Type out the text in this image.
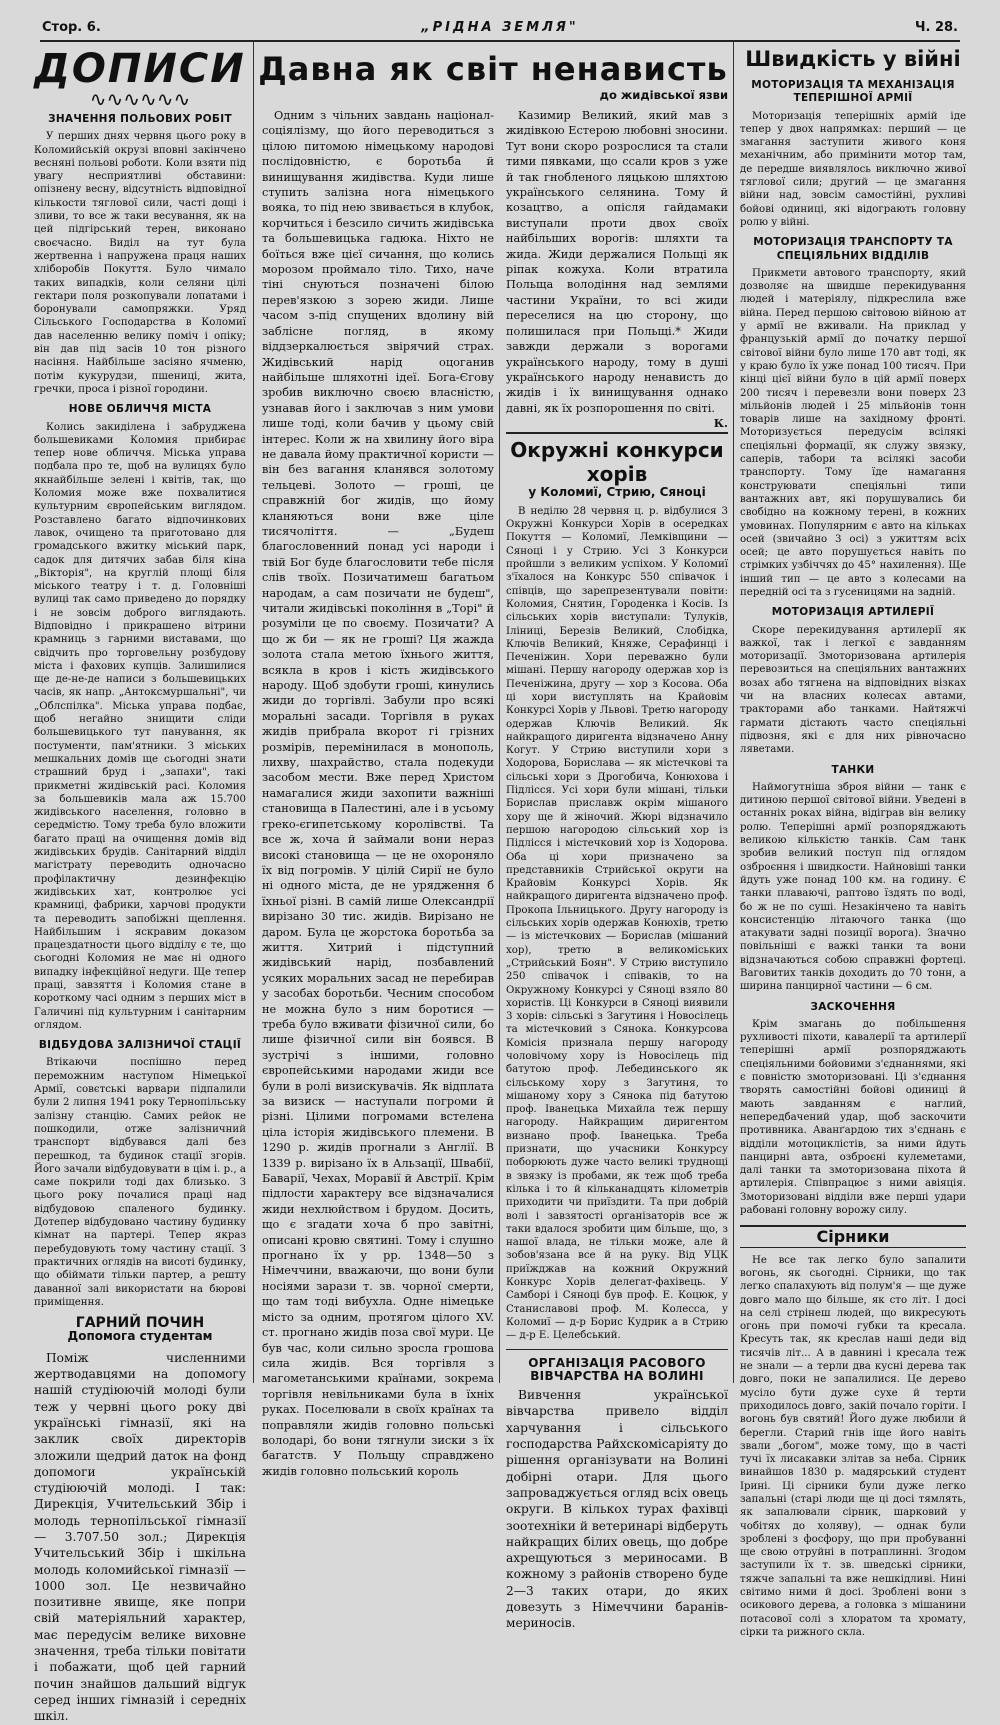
Стор. 6.	„РІДНА ЗЕМЛЯ"	Ч. 28.
ДОПИСИ
∿∿∿∿∿∿
ЗНАЧЕННЯ ПОЛЬОВИХ РОБІТ

У перших днях червня цього року в Коломийській окрузі вповні закінчено весняні польові роботи. Коли взяти під увагу несприятливі обставини: опізнену весну, відсутність відповідної кількости тяглової сили, часті дощі і зливи, то все ж таки весування, як на цей підгірський терен, виконано своєчасно. Виділ на тут була жертвенна і напружена праця наших хліборобів Покуття. Було чимало таких випадків, коли селяни цілі гектари поля розкопували лопатами і боронували самопряжки. Уряд Сільського Господарства в Коломиї дав населенню велику поміч і опіку; він дав під засів 10 тон різного насіння. Найбільше засіяно ячменю, потім кукурудзи, пшениці, жита, гречки, проса і різної городини.

НОВЕ ОБЛИЧЧЯ МІСТА

Колись закиділена і забруджена большевиками Коломия прибирає тепер нове обличчя. Міська управа подбала про те, щоб на вулицях було якнайбільше зелені і квітів, так, що Коломия може вже похвалитися культурним європейським виглядом. Розставлено багато відпочинкових лавок, очищено та приготовано для громадського вжитку міський парк, садок для дитячих забав біля кіна „Вікторія", на круглій площі біля міського театру і т. д. Головніші вулиці так само приведено до порядку і не зовсім доброго виглядають. Відповідно і прикрашено вітрини крамниць з гарними виставами, що свідчить про торговельну розбудову міста і фахових купців. Залишилися ще де-не-де написи з большевицьких часів, як напр. „Антоксмуршальні", чи „Облспілка". Міська управа подбає, щоб негайно знищити сліди большевицького тут панування, як постументи, пам'ятники. З міських мешкальних домів ще сьогодні знати страшний бруд і „запахи", такі прикметні жидівській расі. Коломия за большевиків мала аж 15.700 жидівського населення, головно в середмістю. Тому треба було вложити багато праці на очищення домів від жидівських брудів. Санітарний відділ магістрату переводить одночасно профілактичну дезинфекцію жидівських хат, контролює усі крамниці, фабрики, харчові продукти та переводить запобіжні щеплення. Найбільшим і яскравим доказом працездатности цього відділу є те, що сьогодні Коломия не має ні одного випадку інфекційної недуги. Ще тепер праці, завзяття і Коломия стане в короткому часі одним з перших міст в Галичині під культурним і санітарним оглядом.

ВІДБУДОВА ЗАЛІЗНИЧОЇ СТАЦІЇ

Втікаючи поспішно перед переможним наступом Німецької Армії, совєтські варвари підпалили були 2 липня 1941 року Тернопільську залізну станцію. Самих рейок не пошкодили, отже залізничний транспорт відбувався далі без перешкод, та будинок стації згорів. Його зачали відбудовувати в цім і. р., а саме покрили тоді дах близько. З цього року почалися праці над відбудовою спаленого будинку. Дотепер відбудовано частину будинку кімнат на партері. Тепер якраз перебудовують тому частину стації. З практичних оглядів на висоті будинку, що обіймати тільки партер, а решту даванної залі використати на бюрові приміщення.

ГАРНИЙ ПОЧИН
Допомога студентам

Поміж численними жертводавцями на допомогу нашій студіюючій молоді були теж у червні цього року дві українські гімназії, які на заклик своїх директорів зложили щедрий даток на фонд допомоги українській студіюючій молоді. І так: Дирекція, Учительський Збір і молодь тернопільської гімназії — 3.707.50 зол.; Дирекція Учительський Збір і шкільна молодь коломийської гімназії — 1000 зол. Це незвичайно позитивне явище, яке попри свій матеріяльний характер, має передусім велике виховне значення, треба тільки повітати і побажати, щоб цей гарний почин знайшов дальший відгук серед інших гімназій і середніх шкіл.

Давна як світ ненависть
до жидівської язви

Одним з чільних завдань націонал-соціялізму, що його переводиться з цілою питомою німецькому народові послідовністю, є боротьба й винищування жидівства. Куди лише ступить залізна нога німецького вояка, то під нею звивається в клубок, корчиться і безсило сичить жидівська та большевицька гадюка. Ніхто не боїться вже цієї сичання, що колись морозом проймало тіло. Тихо, наче тіні снуються позначені білою перев'язкою з зорею жиди. Лише часом з-під спущених вдолину вій забліснe погляд, в якому віддзеркалюється звірячий страх. Жидівський нарід оцоганив найбільше шляхотні ідеї. Бога-Єгову зробив виключно своєю власністю, узнавав його і заключав з ним умови лише тоді, коли бачив у цьому свій інтерес. Коли ж на хвилину його віра не давала йому практичної користи — він без вагання кланявся золотому тельцеві. Золото — гроші, це справжній бог жидів, що йому кланяються вони вже ціле тисячоліття. — „Будеш благословенний понад усі народи і твій Бог буде благословити тебе після слів твоїх. Позичатимеш багатьом народам, а сам позичати не будеш", читали жидівські покоління в „Торі" й розуміли це по своєму. Позичати? А що ж би — як не гроші? Ця жажда золота стала метою їхнього життя, всякла в кров і кість жидівського народу. Щоб здобути гроші, кинулись жиди до торгівлі. Забули про всякі моральні засади. Торгівля в руках жидів прибрала вкорот гі грізних розмірів, перемінилася в монополь, лихву, шахрайство, стала подекуди засобом мести. Вже перед Христом намагалися жиди захопити важніші становища в Палестині, але і в усьому греко-єгипетському королівстві. Та все ж, хоча й займали вони нераз високі становища — це не охороняло їх від погромів. У цілій Сирії не було ні одного міста, де не урядження б їхньої різні. В самій лише Олександрії вирізано 30 тис. жидів. Вирізано не даром. Була це жорстока боротьба за життя. Хитрий і підступний жидівський нарід, позбавлений усяких моральних засад не перебирав у засобах боротьби. Чесним способом не можна було з ним боротися — треба було вживати фізичної сили, бо лише фізичної сили він боявся. В зустрічі з іншими, головно європейськими народами жиди все були в ролі визискувачів. Як відплата за визиск — наступали погроми й різні. Цілими погромами встелена ціла історія жидівського племени. В 1290 р. жидів прогнали з Англії. В 1339 р. вирізано їх в Альзації, Швабії, Баварії, Чехах, Моравії й Австрії. Крім підлости характеру все відзначалися жиди нехлюйством і брудом. Досить, що є згадати хоча б про завітні, описані кровю святині. Тому і слушно прогнано їх у рр. 1348—50 з Німеччини, вважаючи, що вони були носіями зарази т. зв. чорної смерти, що там тоді вибухла. Одне німецьке місто за одним, протягом цілого XV. ст. прогнано жидів поза свої мури. Це був час, коли сильно зросла грошова сила жидів. Вся торгівля з магометанськими країнами, зокрема торгівля невільниками була в їхніх руках. Поселювали в своїх країнах та поправляли жидів головно польські володарі, бо вони тягнули зиски з їх багатств. У Польщу справджено жидів головно польський король

Казимир Великий, який мав з жидівкою Естерою любовні зносини. Тут вони скоро розрослися та стали тими пявками, що ссали кров з уже й так гнобленого ляцькою шляхтою українського селянина. Тому й козацтво, а опісля гайдамаки виступали проти двох своїх найбільших ворогів: шляхти та жида. Жиди держалися Польщі як ріпак кожуха. Коли втратила Польща володіння над землями частини України, то всі жиди переселися на цю сторону, що полишилася при Польщі.* Жиди завжди держали з ворогами українського народу, тому в душі українського народу ненависть до жидів і їх винищування однако давні, як їх розпорошення по світі.

К.
Окружні конкурси хорів
у Коломиї, Стрию, Сяноці

В неділю 28 червня ц. р. відбулися 3 Окружні Конкурси Хорів в осередках Покуття — Коломиї, Лемківщини — Сяноці і у Стрию. Усі 3 Конкурси пройшли з великим успіхом. У Коломиї з'їхалося на Конкурс 550 співачок і співців, що зарепрезентували повіти: Коломия, Снятин, Городенка і Косів. Із сільських хорів виступали: Тулуків, Іліниці, Березів Великий, Слобідка, Ключів Великий, Княже, Серафинці і Печеніжин. Хори переважно були мішані. Першу нагороду одержав хор із Печеніжина, другу — хор з Косова. Оба ці хори виступлять на Крайовім Конкурсі Хорів у Львові. Третю нагороду одержав Ключів Великий. Як найкращого диригента відзначено Анну Когут. У Стрию виступили хори з Ходорова, Борислава — як містечкові та сільські хори з Дрогобича, Конюхова і Підлісся. Усі хори були мішані, тільки Борислав приславж окрім мішаного хору ще й жіночий. Жюрі відзначило першою нагородою сільський хор із Підлісся і містечковий хор із Ходорова. Оба ці хори призначено за представників Стрийської округи на Крайовім Конкурсі Хорів. Як найкращого диригента відзначено проф. Прокопа Ільницького. Другу нагороду із сільських хорів одержав Конюхів, третю — із містечкових — Борислав (мішаний хор), третю в великоміських „Стрийський Боян". У Стрию виступило 250 співачок і співаків, то на Окружному Конкурсі у Сяноці взяло 80 хористів. Ці Конкурси в Сяноці виявили 3 хорів: сільські з Загутиня і Новосілець та містечковий з Сянока. Конкурсова Комісія признала першу нагороду чоловічому хору із Новосілець під батутою проф. Лебединського як сільському хору з Загутиня, то мішаному хору з Сянока під батутою проф. Іванецька Михайла теж першу нагороду. Найкращим диригентом визнано проф. Іванецька. Треба признати, що учасники Конкурсу поборюють дуже часто великі труднощі в звязку із пробами, як теж щоб треба кілька і то й кільканадцять кілометрів приходити чи приїздити. Та при добрій волі і завзятості організаторів все ж таки вдалося зробити цим більше, що, з нашої влада, не тільки може, але й зобов'язана все й на руку. Від УЦК приїжджав на кожний Окружний Конкурс Хорів делегат-фахівець. У Самборі і Сяноці був проф. Е. Коцюк, у Станиславові проф. М. Колесса, у Коломиї — д-р Борис Кудрик а в Стрию — д-р Е. Целебський.

ОРГАНІЗАЦІЯ РАСОВОГО ВІВЧАРСТВА НА ВОЛИНІ

Вивчення української вівчарства привело відділ харчування і сільського господарства Райхскомісаріяту до рішення організувати на Волині добірні отари. Для цього запроваджується огляд всіх овець округи. В кількох турах фахівці зоотехніки й ветеринарі відберуть найкращих білих овець, що добре ахрещуються з мериносами. В кожному з районів створено буде 2—3 таких отари, до яких довезуть з Німеччини баранів-мериносів.

Швидкість у війні
МОТОРИЗАЦІЯ ТА МЕХАНІЗАЦІЯ ТЕПЕРІШНОЇ АРМІЇ

Моторизація теперішніх армій іде тепер у двох напрямках: перший — це змагання заступити живого коня механічним, або примінити мотор там, де передше виявлялось виключно живої тяглової сили; другий — це змагання війни над, зовсім самостійні, рухливі бойові одиниці, які відограють головну ролю у війні.

МОТОРИЗАЦІЯ ТРАНСПОРТУ ТА СПЕЦІЯЛЬНИХ ВІДДІЛІВ

Прикмети автового транспорту, який дозволяє на швидше перекидування людей і матеріялу, підкреслила вже війна. Перед першою світовою війною ат у армії не вживали. На приклад у французькій армії до початку першої світової війни було лише 170 авт тоді, як у краю було їх уже понад 100 тисяч. При кінці цієї війни було в цій армії поверх 200 тисяч і перевезли вони поверх 23 мільйонів людей і 25 мільйонів тонн товарів лише на західному фронті. Моторизується передусім всілякі спеціяльні формації, як служу звязку, саперів, тaбори та всілякі засоби транспорту. Тому їде намагання конструювати спеціяльні типи вантажних авт, які порушувались би свобідно на кожному терені, в кожних умовинах. Популярним є авто на кільках осей (звичайно 3 осі) з ужиттям всіх осей; це авто порушується навіть по стрімких узбіччях до 45° нахилення). Ще інший тип — це авто з колесами на передній осі та з гусеницями на задній.

МОТОРИЗАЦІЯ АРТИЛЕРІЇ

Скоре перекидування артилерії як важкої, так і легкої є завданням моторизації. Змоторизована артилерія перевозиться на спеціяльних вантажних возах або тягнена на відповідних візках чи на власних колесах автами, тракторами або танками. Найтяжчі гармати дістають часто спеціяльні підвозня, які є для них рівночасно ляветами.

ТАНКИ

Наймогутніша зброя війни — танк є дитиною першої світової війни. Уведені в останніх роках війна, відіграв він велику ролю. Теперішні армії розпоряджають великою кількістю танків. Сам танк зробив великий поступ під оглядом озброєння і швидкости. Найновіші танки йдуть уже понад 100 км. на годину. Є танки плаваючі, раптово їздять по воді, бо ж не по суші. Незакінчено та навіть консистенцію літаючого танка (що атакувати задні позиції ворога). Значно повільніші є важкі танки та вони відзначаються собою справжні фортеці. Ваговитих танків доходить до 70 тонн, а ширина панцирної частини — 6 см.

ЗАСКОЧЕННЯ

Крім змагань до побільшення рухливості піхоти, кавалерії та артилерії теперішні армії розпоряджають спеціяльними бойовими з'єднаннями, які є повністю змоторизовані. Ці з'єднання творять самостійні бойові одиниці й мають завданням є наглий, непередбачений удар, щоб заскочити противника. Аванґардою тих з'єднань є відділи мотоциклістів, за ними йдуть панцирні авта, озброєні кулеметами, далі танки та змоторизована піхота й артилерія. Співпрацює з ними авіяція. Змоторизовані відділи вже перші удари рабовані головну ворожу силу.

Сірники

Не все так легко було запалити вогонь, як сьогодні. Сірники, що так легко спалахують від полум'я — ще дуже довго мало що більше, як сто літ. І досі на селі стрінеш людей, що викресують огонь при помочі губки та кресала. Кресуть так, як креслав наші деди від тисячів літ... А в давнині і кресала теж не знали — а терли два кусні дерева так довго, поки не запалилися. Це дерево мусіло бути дуже сухе й терти приходилось довго, закій почало горіти. І вогонь був святий! Його дуже любили й берегли. Старий гнів іще його навіть звали „богом", може тому, що в часті тучі їх лисакавки злітав за неба. Сірник винайшов 1830 р. мадярський студент Ірині. Ці сірники були дуже легко запальні (старі люди ще ці досі тямлять, як запалювали сірник, шарковий у чобітях до холяву), — однак були зроблені з фосфору, що при пробуванні ще свою отруйні в потраплинні. Згодом заступили їх т. зв. шведські сірники, тяжче запальні та вже нешкідливі. Нині світимо ними й досі. Зроблені вони з осикового дерева, а головка з мішанини потасової солі з хлоратом та хромату, сірки та рижного скла.
